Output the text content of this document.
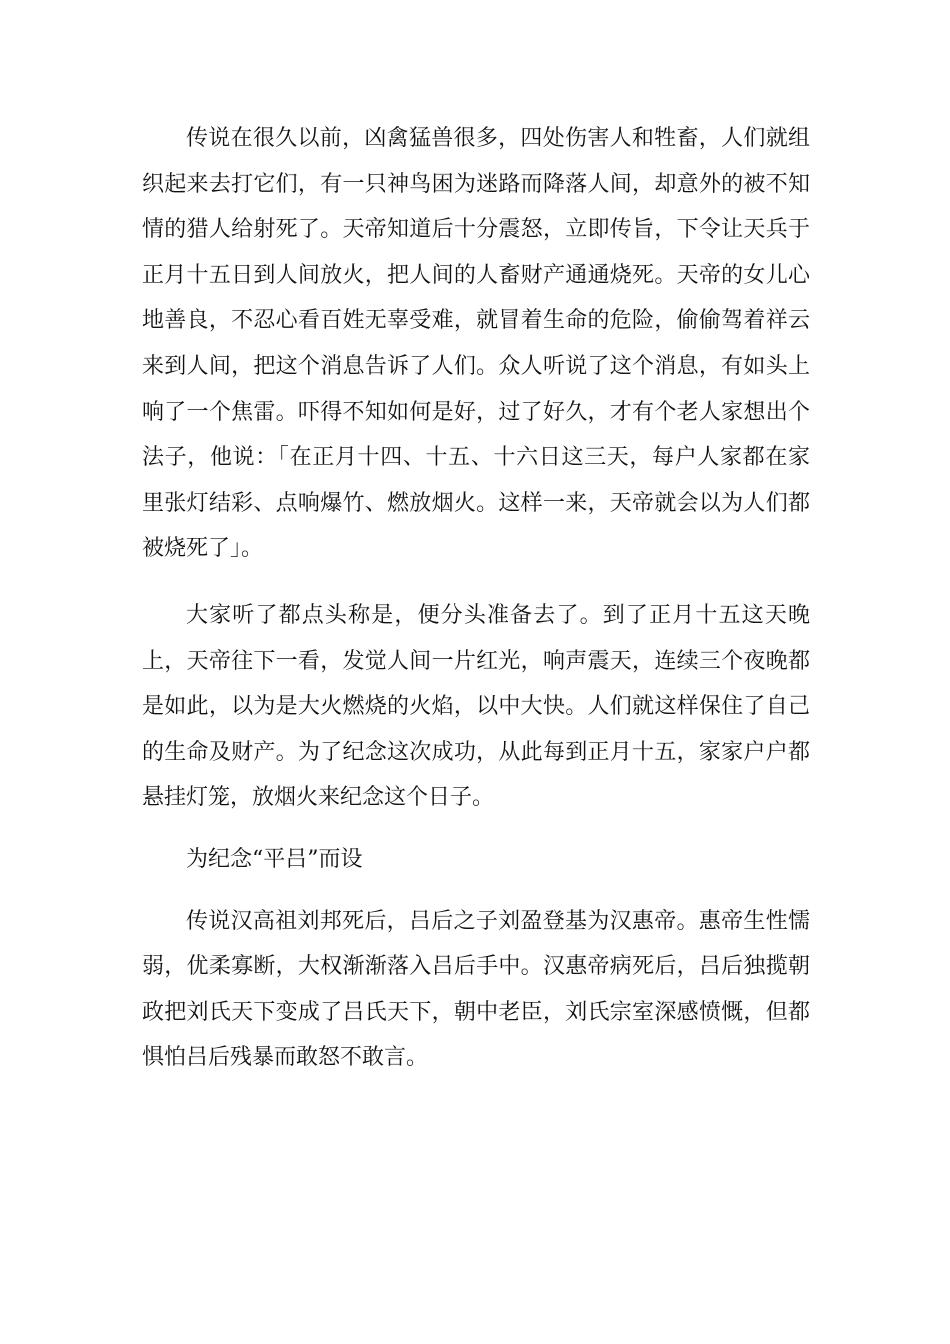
传说在很久以前，凶禽猛兽很多，四处伤害人和牲畜，人们就组织起来去打它们，有一只神鸟困为迷路而降落人间，却意外的被不知情的猎人给射死了。天帝知道后十分震怒，立即传旨，下令让天兵于正月十五日到人间放火，把人间的人畜财产通通烧死。天帝的女儿心地善良，不忍心看百姓无辜受难，就冒着生命的危险，偷偷驾着祥云来到人间，把这个消息告诉了人们。众人听说了这个消息，有如头上响了一个焦雷。吓得不知如何是好，过了好久，才有个老人家想出个法子，他说：「在正月十四、十五、十六日这三天，每户人家都在家里张灯结彩、点响爆竹、燃放烟火。这样一来，天帝就会以为人们都被烧死了」。

大家听了都点头称是，便分头准备去了。到了正月十五这天晚上，天帝往下一看，发觉人间一片红光，响声震天，连续三个夜晚都是如此，以为是大火燃烧的火焰，以中大快。人们就这样保住了自己的生命及财产。为了纪念这次成功，从此每到正月十五，家家户户都悬挂灯笼，放烟火来纪念这个日子。

为纪念“平吕”而设

传说汉高祖刘邦死后，吕后之子刘盈登基为汉惠帝。惠帝生性懦弱，优柔寡断，大权渐渐落入吕后手中。汉惠帝病死后，吕后独揽朝政把刘氏天下变成了吕氏天下，朝中老臣，刘氏宗室深感愤慨，但都惧怕吕后残暴而敢怒不敢言。
